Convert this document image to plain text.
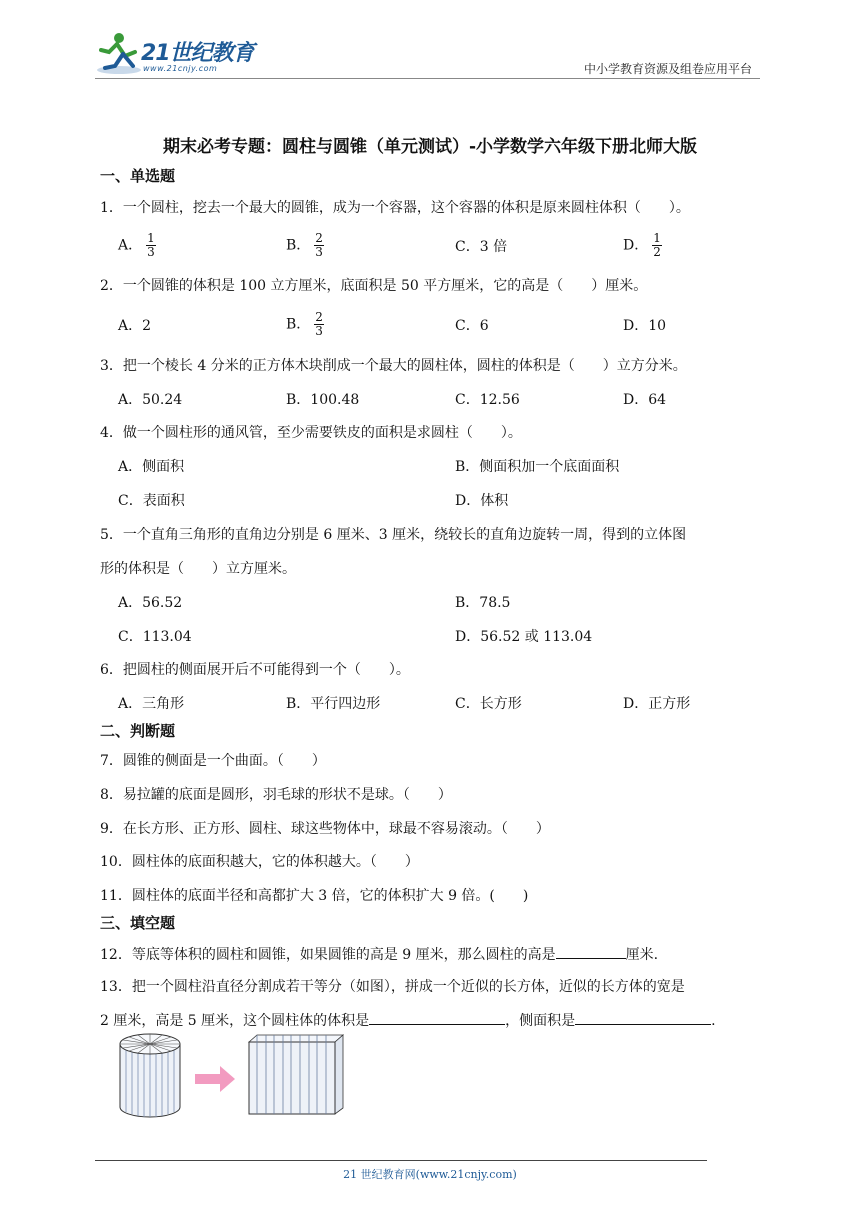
21世纪教育
www.21cnjy.com	中小学教育资源及组卷应用平台
期末必考专题：圆柱与圆锥（单元测试）-小学数学六年级下册北师大版
一、单选题
1．一个圆柱，挖去一个最大的圆锥，成为一个容器，这个容器的体积是原来圆柱体积（　　）。
A． $\frac{1}{3}$	B． $\frac{2}{3}$	C．3 倍	D． $\frac{1}{2}$
2．一个圆锥的体积是 100 立方厘米，底面积是 50 平方厘米，它的高是（　　）厘米。
A．2	B． $\frac{2}{3}$	C．6	D．10
3．把一个棱长 4 分米的正方体木块削成一个最大的圆柱体，圆柱的体积是（　　）立方分米。
A．50.24	B．100.48	C．12.56	D．64
4．做一个圆柱形的通风管，至少需要铁皮的面积是求圆柱（　　）。
A．侧面积	B．侧面积加一个底面面积
C．表面积	D．体积
5．一个直角三角形的直角边分别是 6 厘米、3 厘米，绕较长的直角边旋转一周，得到的立体图
形的体积是（　　）立方厘米。
A．56.52	B．78.5
C．113.04	D．56.52 或 113.04
6．把圆柱的侧面展开后不可能得到一个（　　）。
A．三角形	B．平行四边形	C．长方形	D．正方形
二、判断题
7．圆锥的侧面是一个曲面。（　　）
8．易拉罐的底面是圆形，羽毛球的形状不是球。（　　）
9．在长方形、正方形、圆柱、球这些物体中，球最不容易滚动。（　　）
10．圆柱体的底面积越大，它的体积越大。（　　）
11．圆柱体的底面半径和高都扩大 3 倍，它的体积扩大 9 倍。(　　)
三、填空题
12．等底等体积的圆柱和圆锥，如果圆锥的高是 9 厘米，那么圆柱的高是	厘米.
13．把一个圆柱沿直径分割成若干等分（如图），拼成一个近似的长方体，近似的长方体的宽是
2 厘米，高是 5 厘米，这个圆柱体的体积是	，侧面积是	.
21 世纪教育网(www.21cnjy.com)
